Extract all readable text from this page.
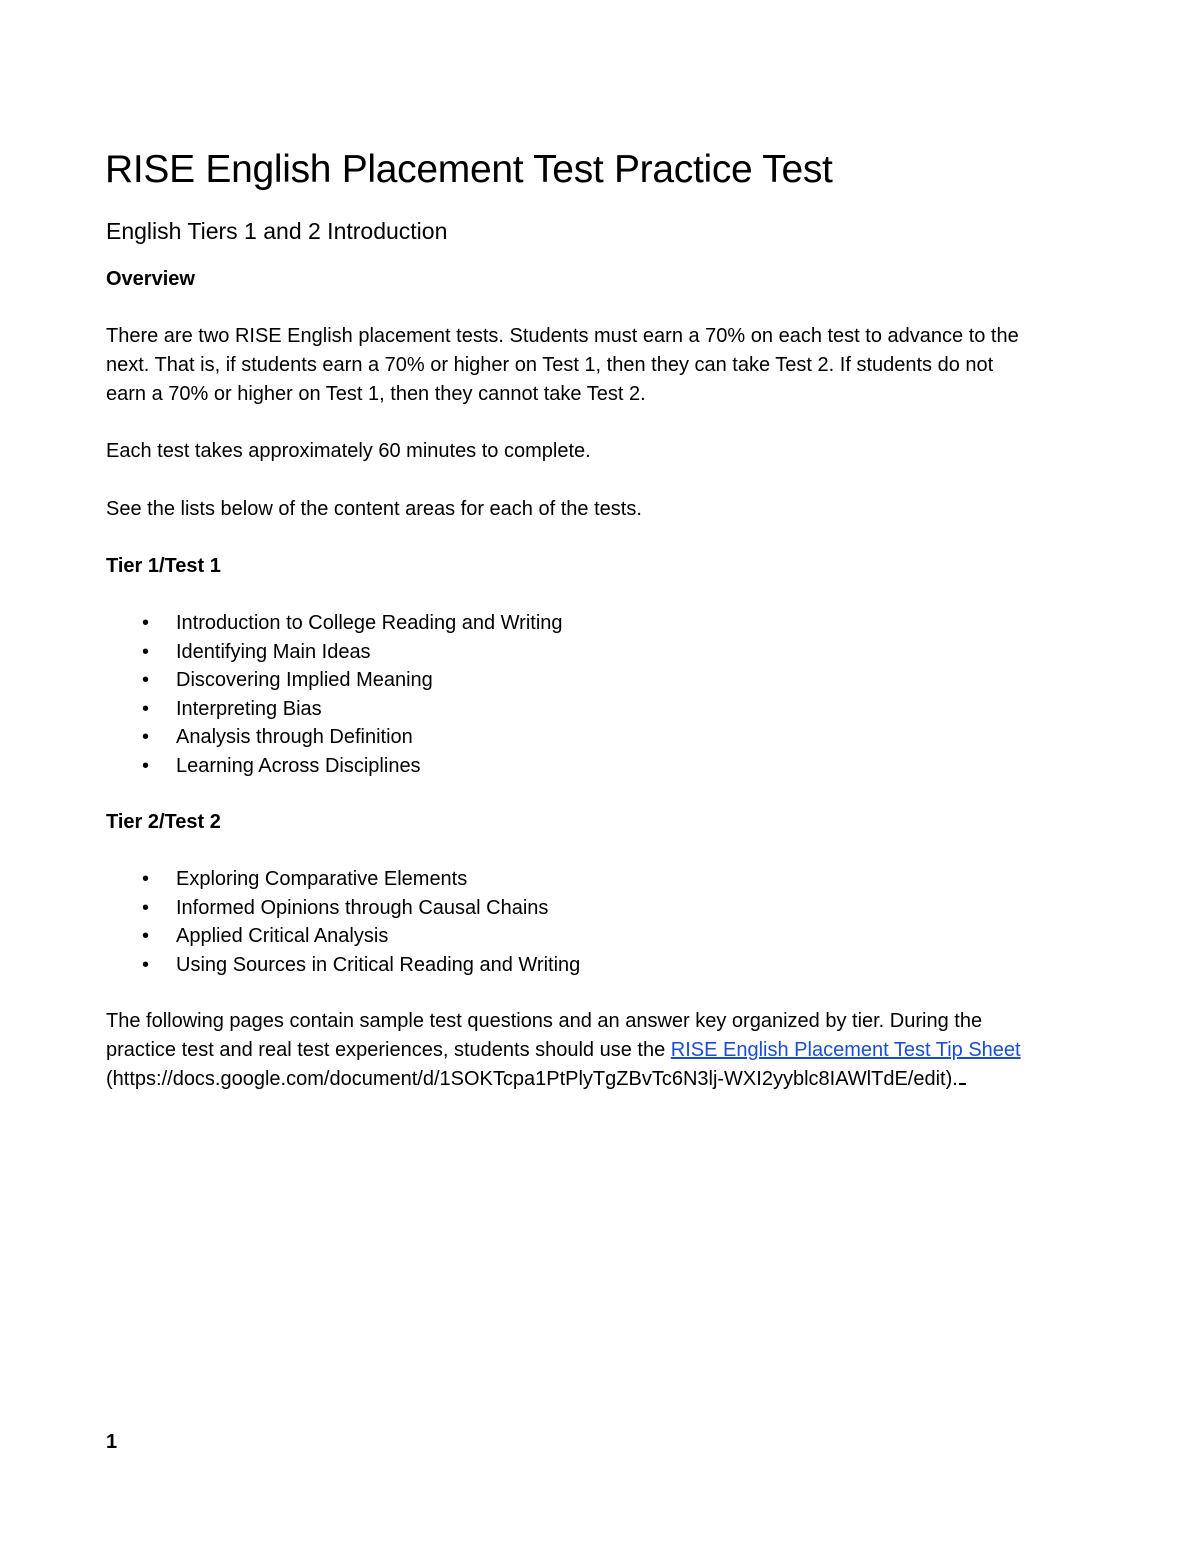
RISE English Placement Test Practice Test
English Tiers 1 and 2 Introduction
Overview

There are two RISE English placement tests. Students must earn a 70% on each test to advance to the
next. That is, if students earn a 70% or higher on Test 1, then they can take Test 2. If students do not
earn a 70% or higher on Test 1, then they cannot take Test 2.

Each test takes approximately 60 minutes to complete.

See the lists below of the content areas for each of the tests.

Tier 1/Test 1
• Introduction to College Reading and Writing
• Identifying Main Ideas
• Discovering Implied Meaning
• Interpreting Bias
• Analysis through Definition
• Learning Across Disciplines
Tier 2/Test 2
• Exploring Comparative Elements
• Informed Opinions through Causal Chains
• Applied Critical Analysis
• Using Sources in Critical Reading and Writing

The following pages contain sample test questions and an answer key organized by tier. During the
practice test and real test experiences, students should use the RISE English Placement Test Tip Sheet
(https://docs.google.com/document/d/1SOKTcpa1PtPlyTgZBvTc6N3lj-WXI2yyblc8IAWlTdE/edit).

1
